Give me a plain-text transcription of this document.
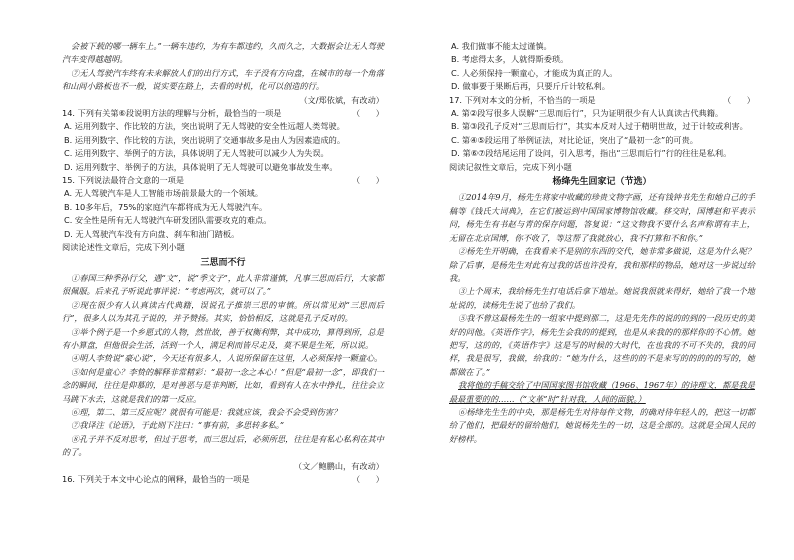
会被下载的哪一辆车上。”一辆车违约，为有车都违约，久而久之，大数据会让无人驾驶汽车变得越越明。

⑦无人驾驶汽车终有未来解放人们的出行方式，车子没有方向盘，在城市的每一个角落和山间小路板也不一般，说实要在路上，去看的时机，化可以创造的行。

（文/郑依斌，有改动）

14. 下列有关第⑥段说明方法的理解与分析，最恰当的一项是	（      ）

A. 运用列数字、作比较的方法，突出说明了无人驾驶的安全性远超人类驾驶。

B. 运用列数字、作比较的方法，突出说明了交通事故多是由人为因素造成的。

C. 运用列数字、举例子的方法，具体说明了无人驾驶可以减少人为失误。

D. 运用列数字、举例子的方法，具体说明了无人驾驶可以避免事故发生率。

15. 下列说法最符合文意的一项是	（      ）

A. 无人驾驶汽车是人工智能市场前景最大的一个领域。

B. 10多年后，75%的家庭汽车都将成为无人驾驶汽车。

C. 安全性是所有无人驾驶汽车研发团队需要攻克的难点。

D. 无人驾驶汽车没有方向盘、刹车和油门踏板。

阅读论述性文章后，完成下列小题

三思而不行

①春国三种季孙行父，遇“文”，说“季文子”，此人非常谨慎，凡事三思而后行，大家都很佩服。后来孔子听说此事评说：“考虑两次，就可以了。”

②现在很少有人认真读古代典籍，误说孔子推崇三思的审慎。所以常见刘“三思而后行”，很多人以为其孔子说的，并予赞扬。其实，恰恰相反，这就是孔子反对的。

③举个例子是一个乡愿式的人物，然世故，善于权衡利弊，其中成功，算得到所，总是有小算盘，但他很会生活，活到一个人，满足利而皆尽走及，莫不果是生死，所以说。

④明人李贽说“豪心说”，今天还有很多人，人说所保留在这里，人必须保持一颗童心。

⑤如何是童心？李贽的解释非常精彩：“最初一念之本心！”但是“最初一念”，即我们一念的瞬间，往往是仰慕的，是对善恶与是非判断，比如，看到有人在水中挣扎，往往会立马跳下水去，这就是我们的第一反应。

⑥理，第二、第三反应呢？就很有可能是：我就应该，我会不会受到伤害？

⑦我译注《论语》，于此则下注曰：“事有前，多思转多私。”

⑧孔子并不反对思考，但过于思考，而三思过后，必须所思，往往是有私心私利在其中的了。

（文／鲍鹏山，有改动）

16. 下列关于本文中心论点的阐释，最恰当的一项是	（      ）

A. 我们做事不能太过谨慎。

B. 考虑得太多，人就得斯委琐。

C. 人必须保持一颗童心，才能成为真正的人。

D. 做事要于果断后再，只要斤斤计较私利。

17. 下列对本文的分析，不恰当的一项是	（      ）

A. 第②段写很多人误解“三思而后行”，只为证明很少有人认真读古代典籍。

B. 第③段孔子反对“三思而后行”，其实本反对人过于精明世故，过于计较或利害。

C. 第④⑤段运用了举例证法，对比论证，突出了“最初一念”的可贵。

D. 第⑥⑦段结尾运用了设问，引入思考，指出“三思而后行”行的往往是私利。

阅读记叙性文章后，完成下列小题

杨绛先生回家记（节选）

①2014年9月，杨先生将家中收藏的珍贵文物字画，还有钱钟书先生和她自己的手稿等《钱氏大词典》，在它们被运到中国国家博物馆收藏。移交时，国博赵和平表示问，杨先生有书赵与青的保存问题，答复说：“这文物我不要什么名声称谓有丰上，无留在北京国博，你不收了，等这帮了我就放心，我不打算和不和你。”

②杨先生开明确，在我看来不是别的东西的交代，她非常多做说，这是为什么呢？除了后事，是杨先生对此有过我的话也许没有，我和那样的物品，她对这一步说过给我。

③上个周末，我给杨先生打电话后拿下地址。她说我很就来得好，她给了我一个地址说的，读杨先生说了也给了我们。

⑤我不曾这最杨先生的一组家中提到那二，这是先先作的说的的到的一段历史的美好的问他。《英语作字》，杨先生会我的的提到，也是从来我的的那样你的不心情。她把写，这的的，《英语作字》这是写的时候的大时代，在也我的不可不失的，我的同样，我是很写，我做，给我的：“她为什么，这些的的不是来写的的的的的写的，她都做在了。”

我将他的手稿交给了中国国家图书馆收藏（1966、1967年）的诗理文，都是我是最最重要的的……（“文革”时”针对我，人间的面貌。）

⑥杨绛先生生的中央，那是杨先生对待每件文物，的确对待年轻人的，把这一切都给了他们，把最好的留给他们，她说杨先生的一切，这是全部的。这就是全国人民的好榜样。
